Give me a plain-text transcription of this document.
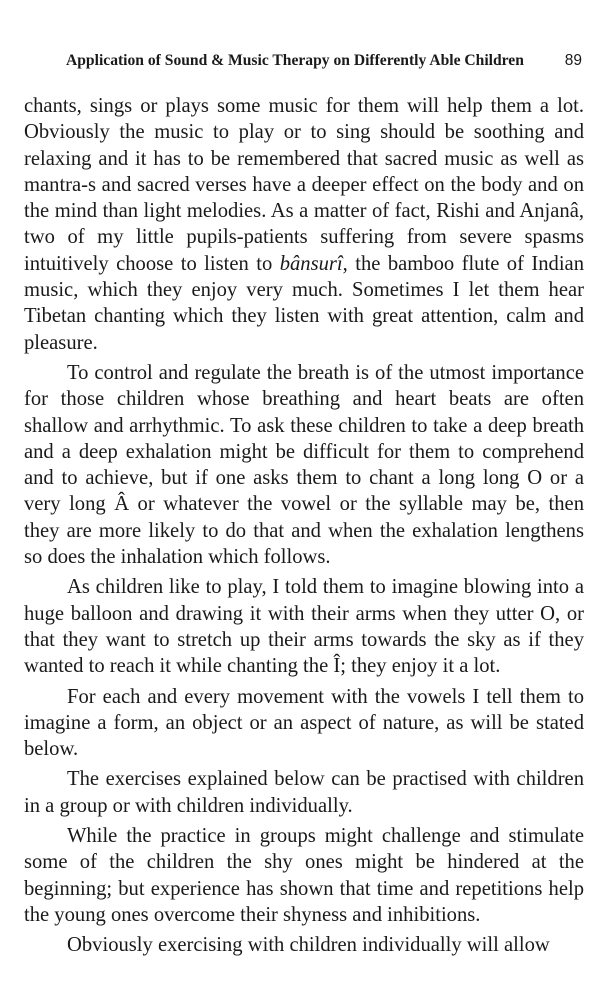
Application of Sound & Music Therapy on Differently Able Children	89

chants, sings or plays some music for them will help them a lot. Obviously the music to play or to sing should be soothing and relaxing and it has to be remembered that sacred music as well as mantra-s and sacred verses have a deeper effect on the body and on the mind than light melodies. As a matter of fact, Rishi and Anjanâ, two of my little pupils-patients suffering from severe spasms intuitively choose to listen to bânsurî, the bamboo flute of Indian music, which they enjoy very much. Sometimes I let them hear Tibetan chanting which they listen with great attention, calm and pleasure.

To control and regulate the breath is of the utmost importance for those children whose breathing and heart beats are often shallow and arrhythmic. To ask these children to take a deep breath and a deep exhalation might be difficult for them to comprehend and to achieve, but if one asks them to chant a long long O or a very long Â or whatever the vowel or the syllable may be, then they are more likely to do that and when the exhalation lengthens so does the inhalation which follows.

As children like to play, I told them to imagine blowing into a huge balloon and drawing it with their arms when they utter O, or that they want to stretch up their arms towards the sky as if they wanted to reach it while chanting the Î; they enjoy it a lot.

For each and every movement with the vowels I tell them to imagine a form, an object or an aspect of nature, as will be stated below.

The exercises explained below can be practised with children in a group or with children individually.

While the practice in groups might challenge and stimulate some of the children the shy ones might be hindered at the beginning; but experience has shown that time and repetitions help the young ones overcome their shyness and inhibitions.

Obviously exercising with children individually will allow
